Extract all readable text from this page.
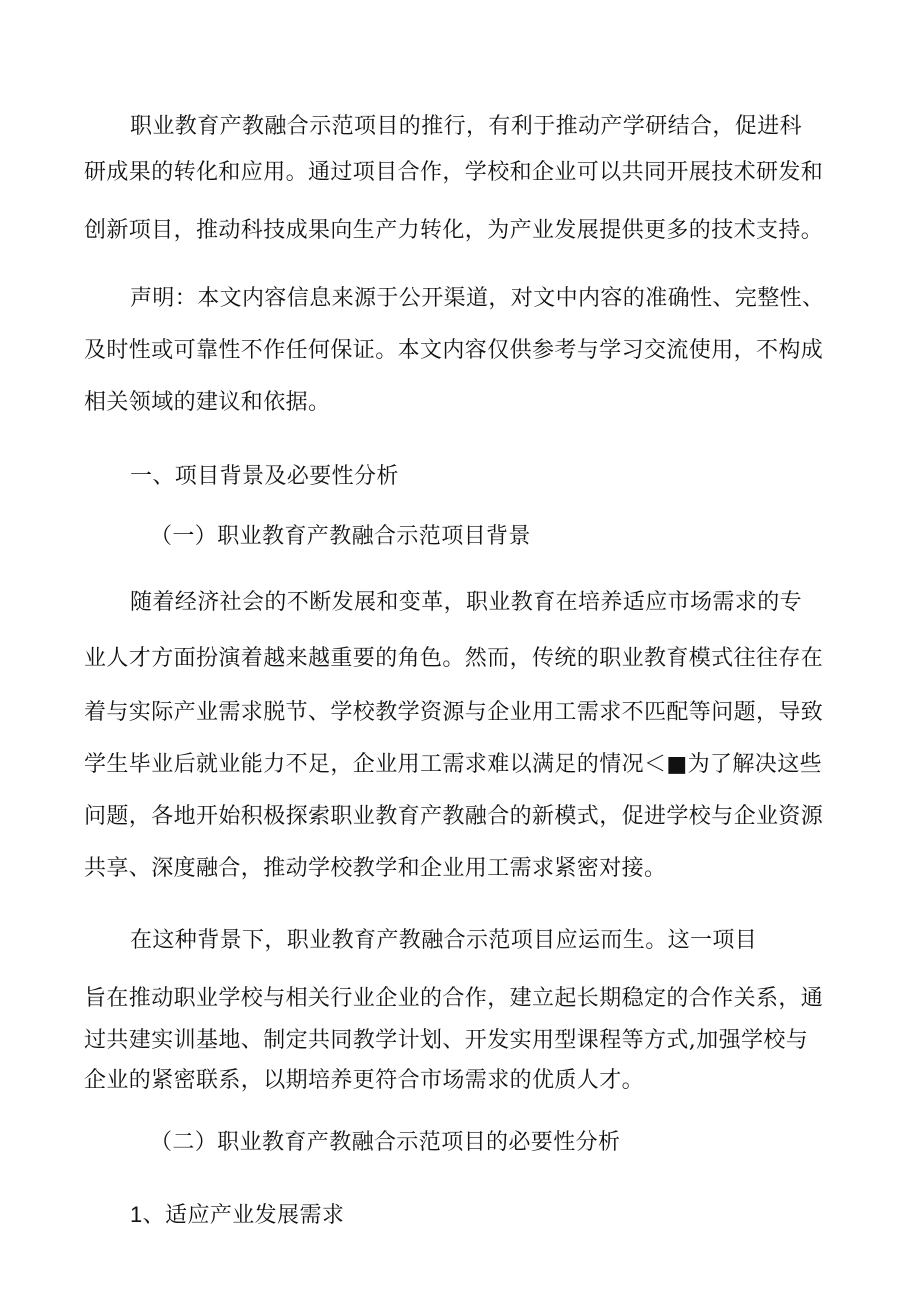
职业教育产教融合示范项目的推行，有利于推动产学研结合，促进科
研成果的转化和应用。通过项目合作，学校和企业可以共同开展技术研发和
创新项目，推动科技成果向生产力转化，为产业发展提供更多的技术支持。
声明：本文内容信息来源于公开渠道，对文中内容的准确性、完整性、
及时性或可靠性不作任何保证。本文内容仅供参考与学习交流使用，不构成
相关领域的建议和依据。
一、项目背景及必要性分析
（一）职业教育产教融合示范项目背景
随着经济社会的不断发展和变革，职业教育在培养适应市场需求的专
业人才方面扮演着越来越重要的角色。然而，传统的职业教育模式往往存在
着与实际产业需求脱节、学校教学资源与企业用工需求不匹配等问题，导致
学生毕业后就业能力不足，企业用工需求难以满足的情况＜■为了解决这些
问题，各地开始积极探索职业教育产教融合的新模式，促进学校与企业资源
共享、深度融合，推动学校教学和企业用工需求紧密对接。
在这种背景下，职业教育产教融合示范项目应运而生。这一项目
旨在推动职业学校与相关行业企业的合作，建立起长期稳定的合作关系，通
过共建实训基地、制定共同教学计划、开发实用型课程等方式,加强学校与
企业的紧密联系，以期培养更符合市场需求的优质人才。
（二）职业教育产教融合示范项目的必要性分析
1、适应产业发展需求
